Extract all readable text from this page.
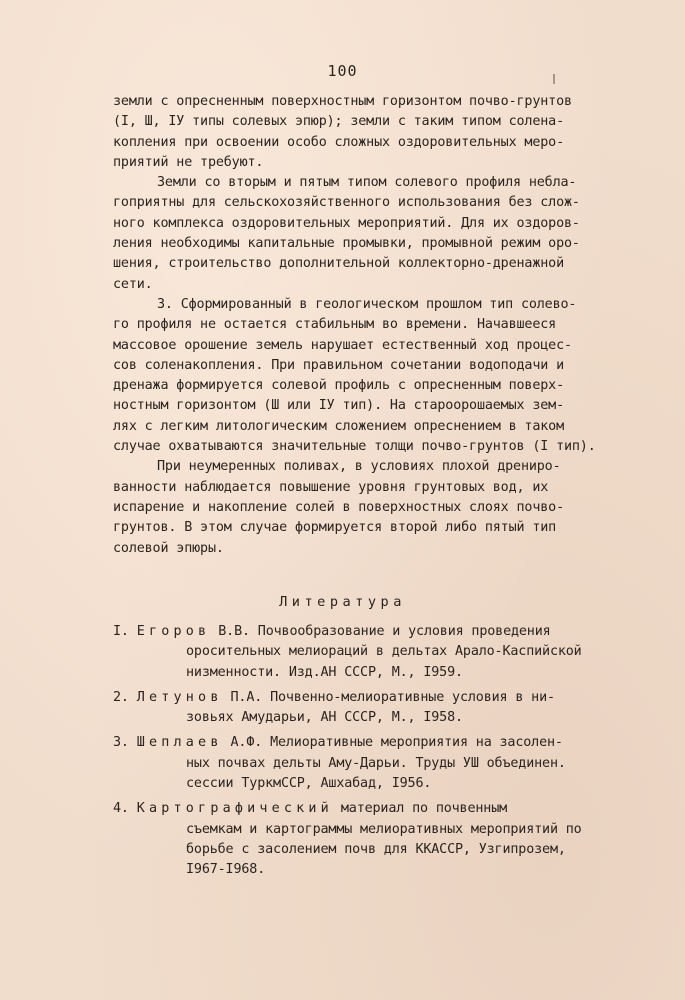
100
земли с опресненным поверхностным горизонтом почво-грунтов
(I, Ш, IУ типы солевых эпюр); земли с таким типом солена-
копления при освоении особо сложных оздоровительных меро-
приятий не требуют.
Земли со вторым и пятым типом солевого профиля небла-
гоприятны для сельскохозяйственного использования без слож-
ного комплекса оздоровительных мероприятий. Для их оздоров-
ления необходимы капитальные промывки, промывной режим оро-
шения, строительство дополнительной коллекторно-дренажной
сети.
3. Сформированный в геологическом прошлом тип солево-
го профиля не остается стабильным во времени. Начавшееся
массовое орошение земель нарушает естественный ход процес-
сов соленакопления. При правильном сочетании водоподачи и
дренажа формируется солевой профиль с опресненным поверх-
ностным горизонтом (Ш или IУ тип). На староорошаемых зем-
лях с легким литологическим сложением опреснением в таком
случае охватываются значительные толщи почво-грунтов (I тип).
При неумеренных поливах, в условиях плохой дрениро-
ванности наблюдается повышение уровня грунтовых вод, их
испарение и накопление солей в поверхностных слоях почво-
грунтов. В этом случае формируется второй либо пятый тип
солевой эпюры.
Литература
I. Егоров В.В. Почвообразование и условия проведения
оросительных мелиораций в дельтах Арало-Каспийской
низменности. Изд.АН СССР, М., I959.
2. Летунов П.А. Почвенно-мелиоративные условия в ни-
зовьях Амударьи, АН СССР, М., I958.
3. Шеплаев А.Ф. Мелиоративные мероприятия на засолен-
ных почвах дельты Аму-Дарьи. Труды УШ объединен.
сессии ТуркмССР, Ашхабад, I956.
4. Картографический материал по почвенным
съемкам и картограммы мелиоративных мероприятий по
борьбе с засолением почв для ККАССР, Узгипрозем,
I967-I968.
